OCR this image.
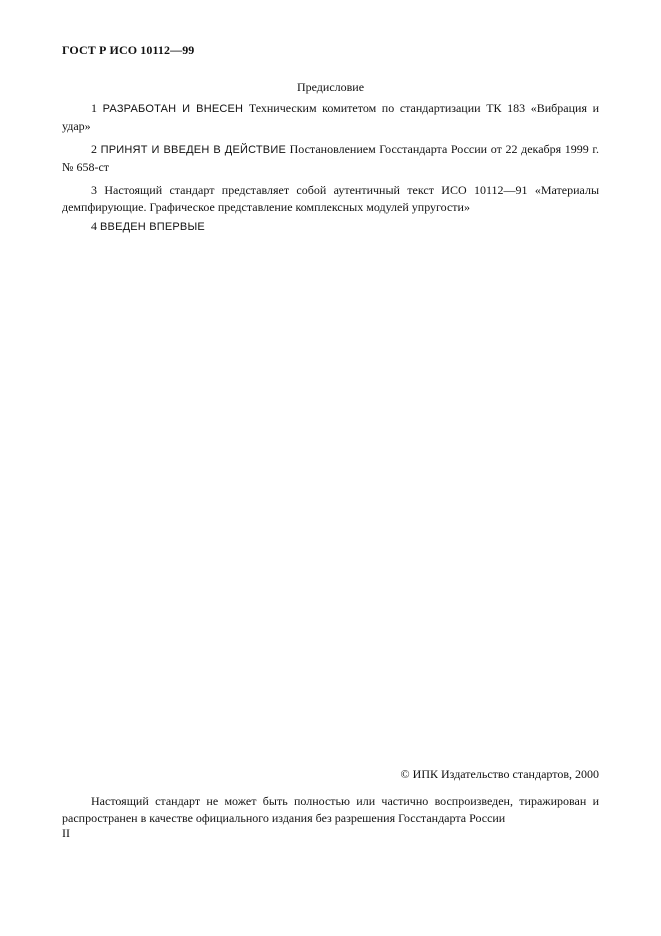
ГОСТ Р ИСО 10112—99
Предисловие
1 РАЗРАБОТАН И ВНЕСЕН Техническим комитетом по стандартизации ТК 183 «Вибрация и удар»
2 ПРИНЯТ И ВВЕДЕН В ДЕЙСТВИЕ Постановлением Госстандарта России от 22 декабря 1999 г. № 658-ст
3 Настоящий стандарт представляет собой аутентичный текст ИСО 10112—91 «Материалы демпфирующие. Графическое представление комплексных модулей упругости»
4 ВВЕДЕН ВПЕРВЫЕ
© ИПК Издательство стандартов, 2000
Настоящий стандарт не может быть полностью или частично воспроизведен, тиражирован и распространен в качестве официального издания без разрешения Госстандарта России
II
